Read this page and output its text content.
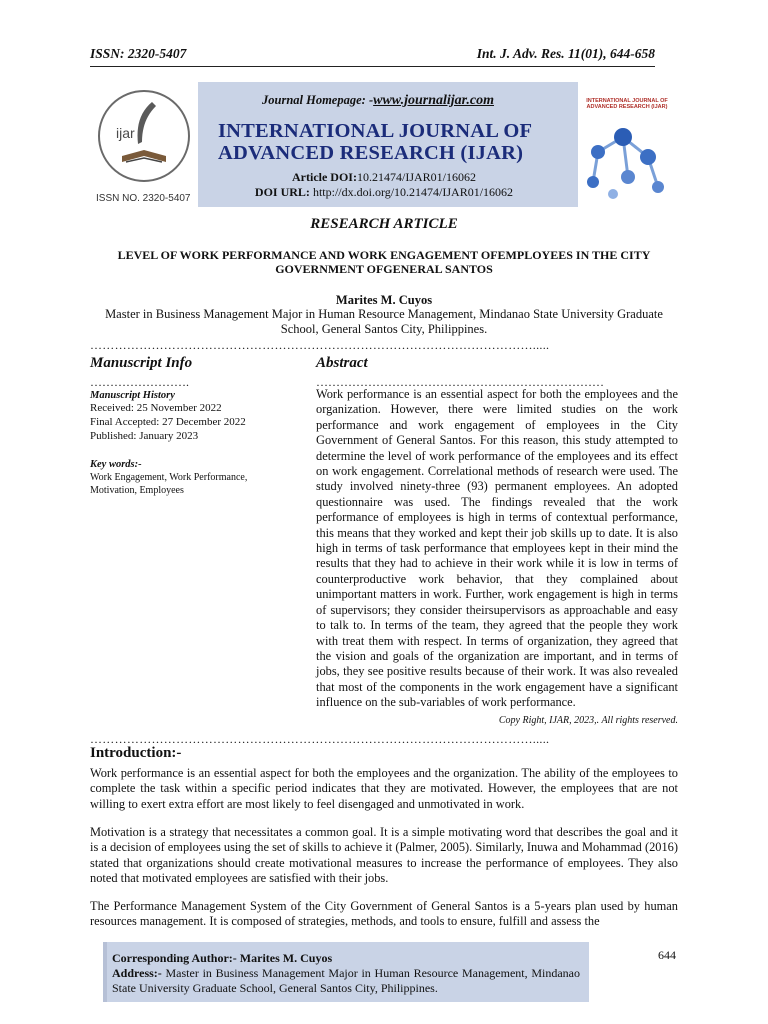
ISSN: 2320-5407	Int. J. Adv. Res. 11(01), 644-658
ijar
ISSN NO. 2320-5407
INTERNATIONAL JOURNAL OF ADVANCED RESEARCH (IJAR)
Journal Homepage: -www.journalijar.com
INTERNATIONAL JOURNAL OF ADVANCED RESEARCH (IJAR)
Article DOI:10.21474/IJAR01/16062
DOI URL: http://dx.doi.org/10.21474/IJAR01/16062
RESEARCH ARTICLE
LEVEL OF WORK PERFORMANCE AND WORK ENGAGEMENT OFEMPLOYEES IN THE CITY GOVERNMENT OFGENERAL SANTOS
Marites M. Cuyos
Master in Business Management Major in Human Resource Management, Mindanao State University Graduate School, General Santos City, Philippines.
……………………………………………………………………………………………….....
Manuscript Info
…………………….
Manuscript History
Received: 25 November 2022
Final Accepted: 27 December 2022
Published: January 2023
Key words:-
Work Engagement, Work Performance, Motivation, Employees
Abstract
………………………………………………………………
Work performance is an essential aspect for both the employees and the organization. However, there were limited studies on the work performance and work engagement of employees in the City Government of General Santos. For this reason, this study attempted to determine the level of work performance of the employees and its effect on work engagement. Correlational methods of research were used. The study involved ninety-three (93) permanent employees. An adopted questionnaire was used. The findings revealed that the work performance of employees is high in terms of contextual performance, this means that they worked and kept their job skills up to date. It is also high in terms of task performance that employees kept in their mind the results that they had to achieve in their work while it is low in terms of counterproductive work behavior, that they complained about unimportant matters in work. Further, work engagement is high in terms of supervisors; they consider theirsupervisors as approachable and easy to talk to. In terms of the team, they agreed that the people they work with treat them with respect. In terms of organization, they agreed that the vision and goals of the organization are important, and in terms of jobs, they see positive results because of their work. It was also revealed that most of the components in the work engagement have a significant influence on the sub-variables of work performance.
Copy Right, IJAR, 2023,. All rights reserved.
……………………………………………………………………………………………….....
Introduction:-
Work performance is an essential aspect for both the employees and the organization. The ability of the employees to complete the task within a specific period indicates that they are motivated. However, the employees that are not willing to exert extra effort are most likely to feel disengaged and unmotivated in work.
Motivation is a strategy that necessitates a common goal. It is a simple motivating word that describes the goal and it is a decision of employees using the set of skills to achieve it (Palmer, 2005). Similarly, Inuwa and Mohammad (2016) stated that organizations should create motivational measures to increase the performance of employees. They also noted that motivated employees are satisfied with their jobs.
The Performance Management System of the City Government of General Santos is a 5-years plan used by human resources management. It is composed of strategies, methods, and tools to ensure, fulfill and assess the
Corresponding Author:- Marites M. Cuyos
Address:- Master in Business Management Major in Human Resource Management, Mindanao State University Graduate School, General Santos City, Philippines.
644
